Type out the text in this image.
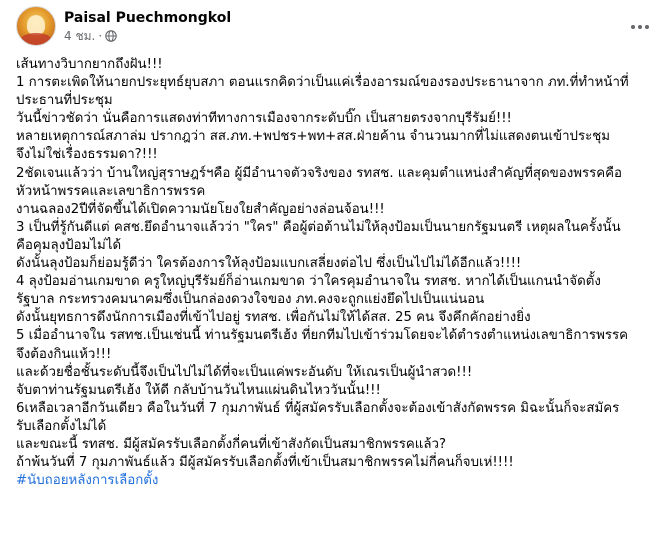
Paisal Puechmongkol
4 ชม. ·

เส้นทางวิบากยากถึงฝัน!!!

1 การตะเพิดให้นายกประยุทธ์ยุบสภา ตอนแรกคิดว่าเป็นแค่เรื่องอารมณ์ของรองประธานาจาก ภท.ที่ทำหน้าที่

ประธานที่ประชุม

วันนี้ข่าวชัดว่า นั่นคือการแสดงท่าทีทางการเมืองจากระดับบิ๊ก เป็นสายตรงจากบุรีรัมย์!!!

หลายเหตุการณ์สภาล่ม ปรากฎว่า สส.ภท.+พปชร+พท+สส.ฝ่ายค้าน จำนวนมากที่ไม่แสดงตนเข้าประชุม

จึงไม่ใช่เรื่องธรรมดา?!!!

2ชัดเจนแล้วว่า บ้านใหญ่สุราษฎร์ฯคือ ผู้มีอำนาจตัวจริงของ รทสช. และคุมตำแหน่งสำคัญที่สุดของพรรคคือ

หัวหน้าพรรคและเลขาธิการพรรค

งานฉลอง2ปีที่จัดขึ้นได้เปิดความนัยโยงใยสำคัญอย่างล่อนจ้อน!!!

3 เป็นที่รู้กันดีแต่ คสช.ยึดอำนาจแล้วว่า "ใคร" คือผู้ต่อต้านไม่ให้ลุงป้อมเป็นนายกรัฐมนตรี เหตุผลในครั้งนั้น

คือคุมลุงป้อมไม่ได้

ดังนั้นลุงป้อมก็ย่อมรู้ดีว่า ใครต้องการให้ลุงป้อมแบกเสลี่ยงต่อไป ซึ่งเป็นไปไม่ได้อีกแล้ว!!!!

4 ลุงป้อมอ่านเกมขาด ครูใหญ่บุรีรัมย์ก็อ่านเกมขาด ว่าใครคุมอำนาจใน รทสช. หากได้เป็นแกนนำจัดตั้ง

รัฐบาล กระทรวงคมนาคมซึ่งเป็นกล่องดวงใจของ ภท.คงจะถูกแย่งยึดไปเป็นแน่นอน

ดังนั้นยุทธการดึงนักการเมืองที่เข้าไปอยู่ รทสช. เพื่อกันไม่ให้ได้สส. 25 คน จึงคึกคักอย่างยิ่ง

5 เมื่ออำนาจใน รสทช.เป็นเช่นนี้ ท่านรัฐมนตรีเฮ้ง ที่ยกทีมไปเข้าร่วมโดยจะได้ตำรงตำแหน่งเลขาธิการพรรค

จึงต้องกินแห้ว!!!

และด้วยชื่อชั้นระดับนี้จึงเป็นไปไม่ได้ที่จะเป็นแค่พระอันดับ ให้เณรเป็นผู้นำสวด!!!

จับตาท่านรัฐมนตรีเฮ้ง ให้ดี กลับบ้านวันไหนแผ่นดินไหววันนั้น!!!

6เหลือเวลาอีกวันเดียว คือในวันที่ 7 กุมภาพันธ์ ที่ผู้สมัครรับเลือกตั้งจะต้องเข้าสังกัดพรรค มิฉะนั้นก็จะสมัคร

รับเลือกตั้งไม่ได้

และขณะนี้ รทสช. มีผู้สมัครรับเลือกตั้งกี่คนที่เข้าสังกัดเป็นสมาชิกพรรคแล้ว?

ถ้าพ้นวันที่ 7 กุมภาพันธ์แล้ว มีผู้สมัครรับเลือกตั้งที่เข้าเป็นสมาชิกพรรคไม่กี่คนก็จบเห่!!!!

#นับถอยหลังการเลือกตั้ง
